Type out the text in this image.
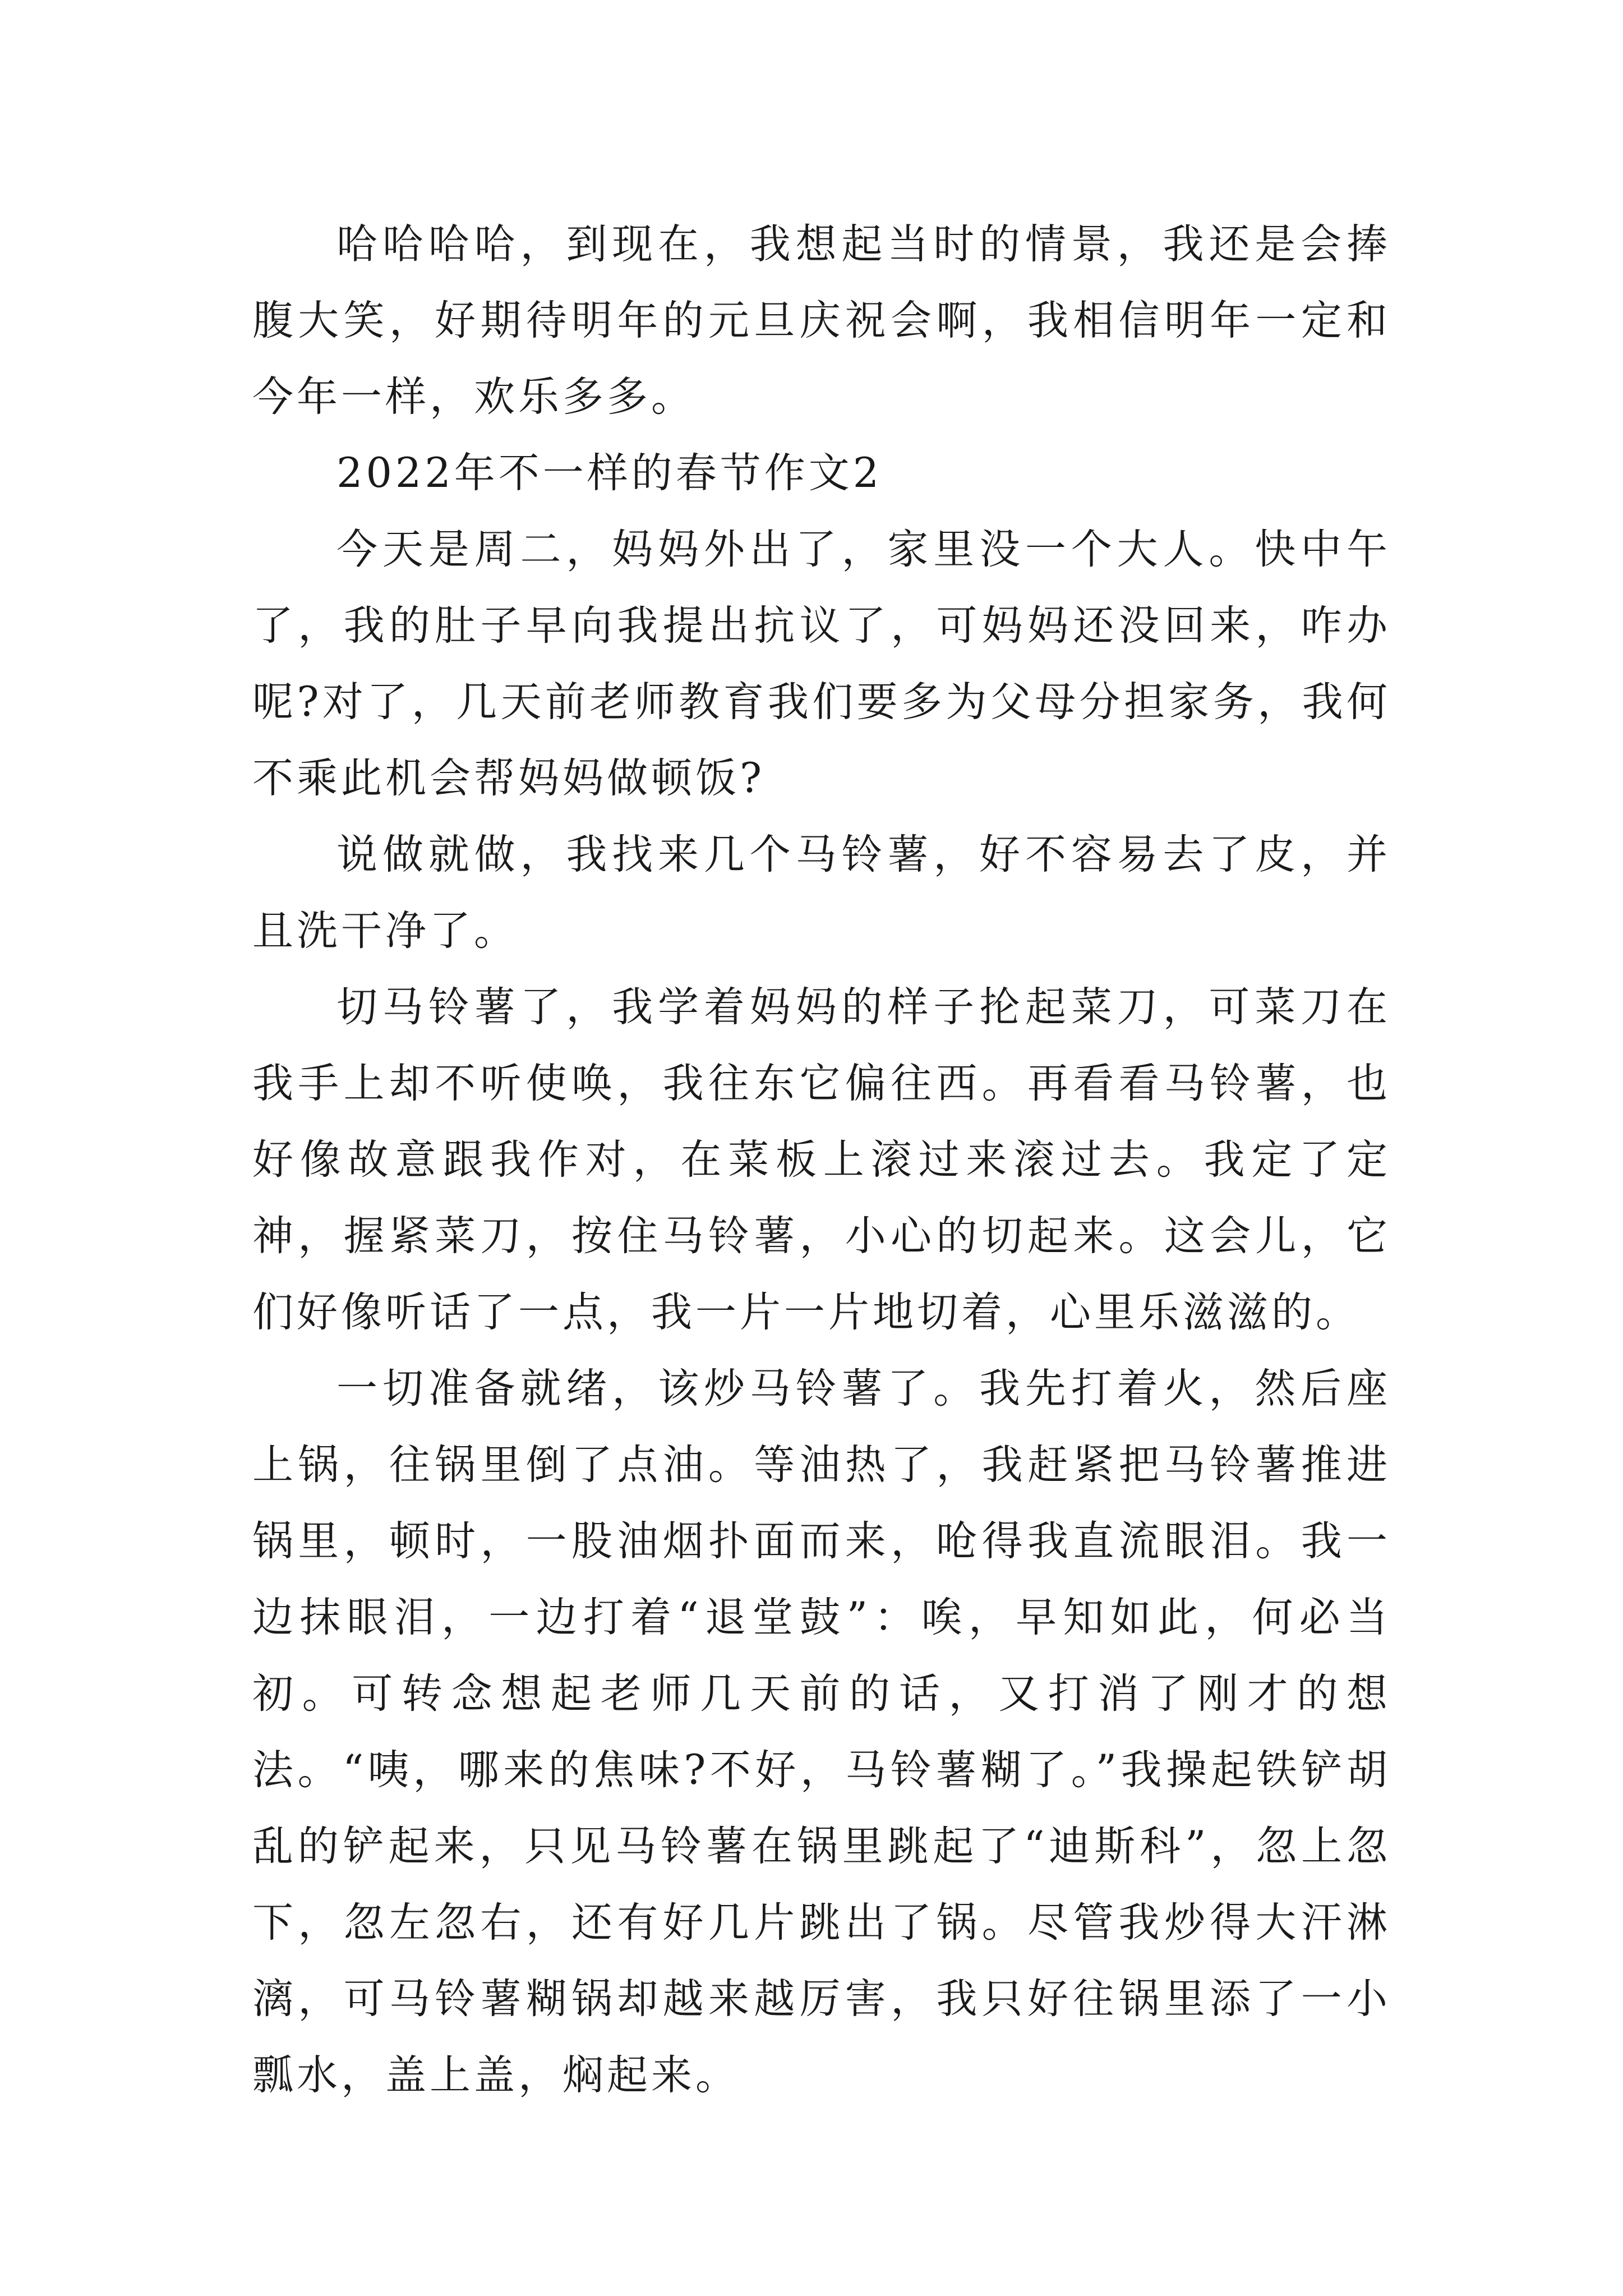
哈哈哈哈，到现在，我想起当时的情景，我还是会捧腹大笑，好期待明年的元旦庆祝会啊，我相信明年一定和今年一样，欢乐多多。

2022年不一样的春节作文2

今天是周二，妈妈外出了，家里没一个大人。快中午了，我的肚子早向我提出抗议了，可妈妈还没回来，咋办呢?对了，几天前老师教育我们要多为父母分担家务，我何不乘此机会帮妈妈做顿饭?

说做就做，我找来几个马铃薯，好不容易去了皮，并且洗干净了。

切马铃薯了，我学着妈妈的样子抡起菜刀，可菜刀在我手上却不听使唤，我往东它偏往西。再看看马铃薯，也好像故意跟我作对，在菜板上滚过来滚过去。我定了定神，握紧菜刀，按住马铃薯，小心的切起来。这会儿，它们好像听话了一点，我一片一片地切着，心里乐滋滋的。

一切准备就绪，该炒马铃薯了。我先打着火，然后座上锅，往锅里倒了点油。等油热了，我赶紧把马铃薯推进锅里，顿时，一股油烟扑面而来，呛得我直流眼泪。我一边抹眼泪，一边打着“退堂鼓”：唉，早知如此，何必当初。可转念想起老师几天前的话，又打消了刚才的想法。“咦，哪来的焦味?不好，马铃薯糊了。”我操起铁铲胡乱的铲起来，只见马铃薯在锅里跳起了“迪斯科”，忽上忽下，忽左忽右，还有好几片跳出了锅。尽管我炒得大汗淋漓，可马铃薯糊锅却越来越厉害，我只好往锅里添了一小瓢水，盖上盖，焖起来。
